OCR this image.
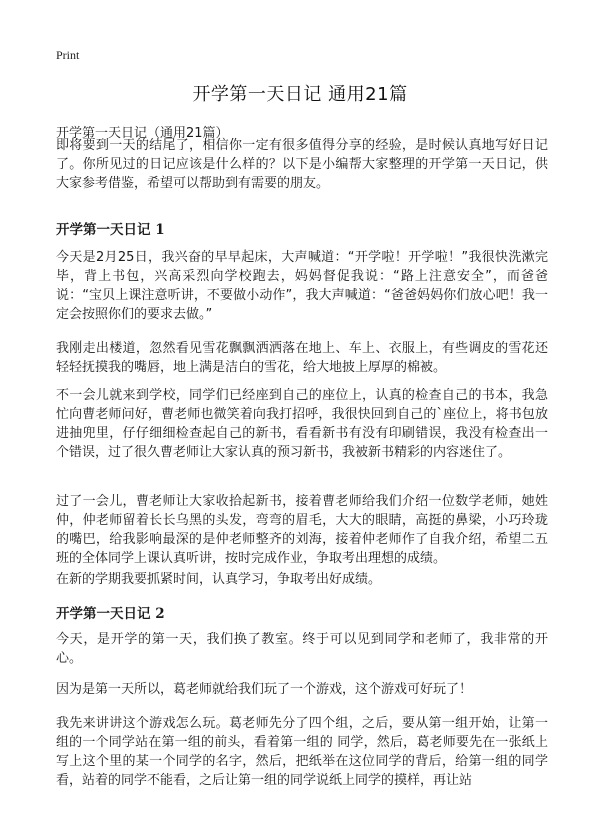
Print
开学第一天日记 通用21篇
开学第一天日记（通用21篇）

即将要到一天的结尾了，相信你一定有很多值得分享的经验，是时候认真地写好日记了。你所见过的日记应该是什么样的？以下是小编帮大家整理的开学第一天日记，供大家参考借鉴，希望可以帮助到有需要的朋友。

开学第一天日记 1

今天是2月25日，我兴奋的早早起床，大声喊道：“开学啦！开学啦！”我很快洗漱完毕，背上书包，兴高采烈向学校跑去，妈妈督促我说：“路上注意安全”，而爸爸说：“宝贝上课注意听讲，不要做小动作”，我大声喊道：“爸爸妈妈你们放心吧！我一定会按照你们的要求去做。”

我刚走出楼道，忽然看见雪花飘飘洒洒落在地上、车上、衣服上，有些调皮的雪花还轻轻抚摸我的嘴唇，地上满是洁白的雪花，给大地披上厚厚的棉被。

不一会儿就来到学校，同学们已经座到自己的座位上，认真的检查自己的书本，我急忙向曹老师问好，曹老师也微笑着向我打招呼，我很快回到自己的`座位上，将书包放进抽兜里，仔仔细细检查起自己的新书，看看新书有没有印刷错误，我没有检查出一个错误，过了很久曹老师让大家认真的预习新书，我被新书精彩的内容迷住了。

过了一会儿，曹老师让大家收拾起新书，接着曹老师给我们介绍一位数学老师，她姓仲，仲老师留着长长乌黑的头发，弯弯的眉毛，大大的眼睛，高挺的鼻梁，小巧玲珑的嘴巴，给我影响最深的是仲老师整齐的刘海，接着仲老师作了自我介绍，希望二五班的全体同学上课认真听讲，按时完成作业，争取考出理想的成绩。

在新的学期我要抓紧时间，认真学习，争取考出好成绩。

开学第一天日记 2

今天，是开学的第一天，我们换了教室。终于可以见到同学和老师了，我非常的开心。

因为是第一天所以，葛老师就给我们玩了一个游戏，这个游戏可好玩了！

我先来讲讲这个游戏怎么玩。葛老师先分了四个组，之后，要从第一组开始，让第一组的一个同学站在第一组的前头，看着第一组的 同学，然后，葛老师要先在一张纸上写上这个里的某一个同学的名字，然后，把纸举在这位同学的背后，给第一组的同学看，站着的同学不能看，之后让第一组的同学说纸上同学的摸样，再让站
